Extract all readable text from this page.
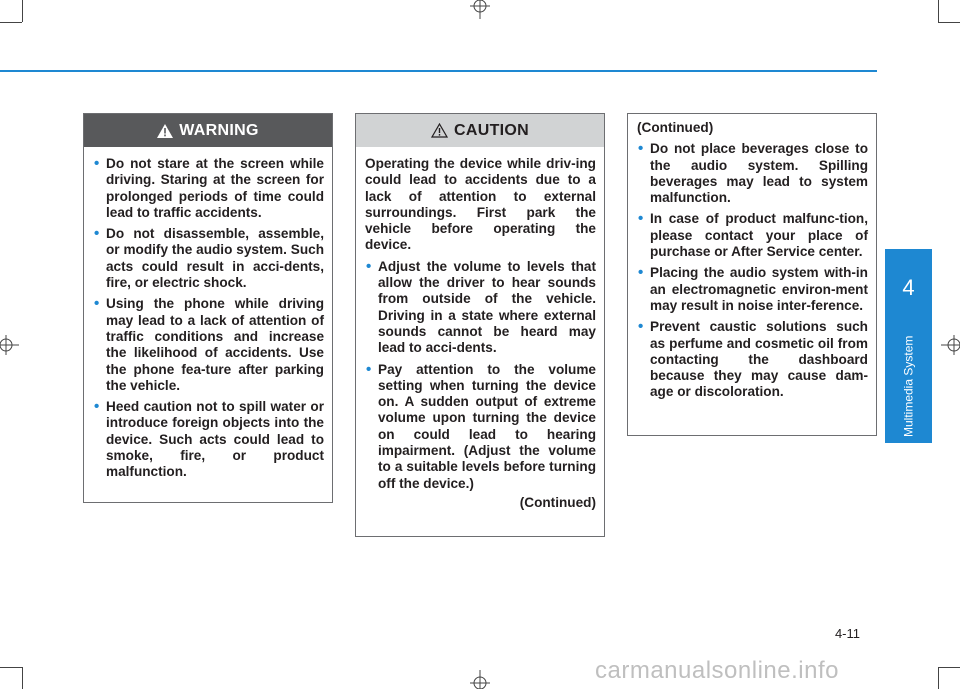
WARNING
• Do not stare at the screen while driving. Staring at the screen for prolonged periods of time could lead to traffic accidents.
• Do not disassemble, assemble, or modify the audio system. Such acts could result in acci-dents, fire, or electric shock.
• Using the phone while driving may lead to a lack of attention of traffic conditions and increase the likelihood of accidents. Use the phone fea-ture after parking the vehicle.
• Heed caution not to spill water or introduce foreign objects into the device. Such acts could lead to smoke, fire, or product malfunction.
CAUTION

Operating the device while driv-ing could lead to accidents due to a lack of attention to external surroundings. First park the vehicle before operating the device.

• Adjust the volume to levels that allow the driver to hear sounds from outside of the vehicle. Driving in a state where external sounds cannot be heard may lead to acci-dents.
• Pay attention to the volume setting when turning the device on. A sudden output of extreme volume upon turning the device on could lead to hearing impairment. (Adjust the volume to a suitable levels before turning off the device.)

(Continued)

(Continued)

• Do not place beverages close to the audio system. Spilling beverages may lead to system malfunction.
• In case of product malfunc-tion, please contact your place of purchase or After Service center.
• Placing the audio system with-in an electromagnetic environ-ment may result in noise inter-ference.
• Prevent caustic solutions such as perfume and cosmetic oil from contacting the dashboard because they may cause dam-age or discoloration.
4
Multimedia System
4-11
carmanualsonline.info
